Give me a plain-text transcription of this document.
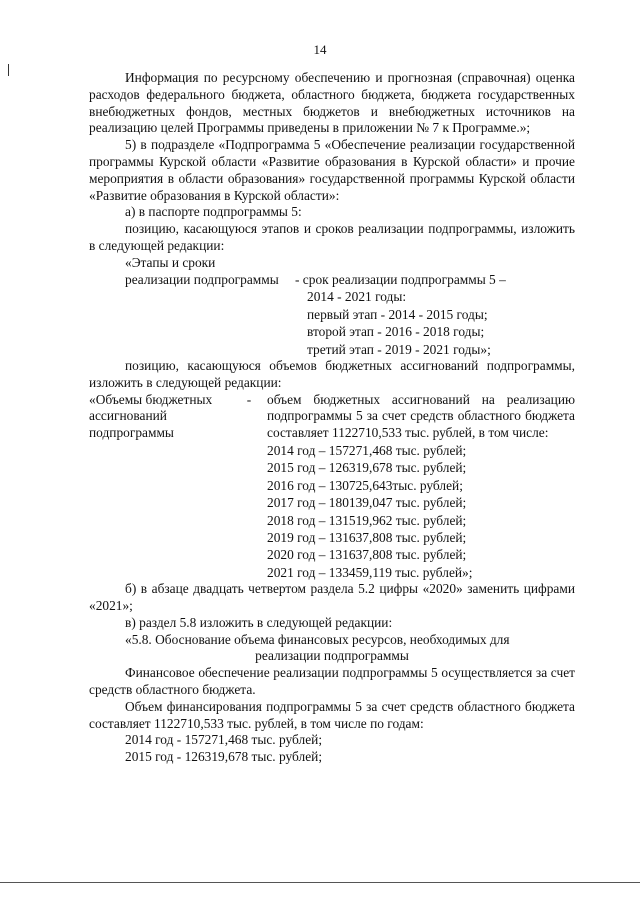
14

Информация по ресурсному обеспечению и прогнозная (справочная) оценка расходов федерального бюджета, областного бюджета, бюджета государственных внебюджетных фондов, местных бюджетов и внебюджетных источников на реализацию целей Программы приведены в приложении № 7 к Программе.»;

5) в подразделе «Подпрограмма 5 «Обеспечение реализации государственной программы Курской области «Развитие образования в Курской области» и прочие мероприятия в области образования» государственной программы Курской области «Развитие образования в Курской области»:

а) в паспорте подпрограммы 5:

позицию, касающуюся этапов и сроков реализации подпрограммы, изложить в следующей редакции:

«Этапы и сроки
реализации подпрограммы	- срок реализации подпрограммы 5 –
2014 - 2021 годы:
первый этап - 2014 - 2015 годы;
второй этап - 2016 - 2018 годы;
третий этап - 2019 - 2021 годы»;

позицию, касающуюся объемов бюджетных ассигнований подпрограммы, изложить в следующей редакции:

«Объемы бюджетных
ассигнований
подпрограммы
-	объем бюджетных ассигнований на реализацию подпрограммы 5 за счет средств областного бюджета составляет 1122710,533 тыс. рублей, в том числе:

2014 год – 157271,468 тыс. рублей;
2015 год – 126319,678 тыс. рублей;
2016 год – 130725,643тыс. рублей;
2017 год – 180139,047 тыс. рублей;
2018 год – 131519,962 тыс. рублей;
2019 год – 131637,808 тыс. рублей;
2020 год – 131637,808 тыс. рублей;
2021 год – 133459,119 тыс. рублей»;

б) в абзаце двадцать четвертом раздела 5.2 цифры «2020» заменить цифрами «2021»;

в) раздел 5.8 изложить в следующей редакции:

«5.8. Обоснование объема финансовых ресурсов, необходимых для

реализации подпрограммы

Финансовое обеспечение реализации подпрограммы 5 осуществляется за счет средств областного бюджета.

Объем финансирования подпрограммы 5 за счет средств областного бюджета составляет 1122710,533 тыс. рублей, в том числе по годам:

2014 год - 157271,468 тыс. рублей;

2015 год - 126319,678 тыс. рублей;
